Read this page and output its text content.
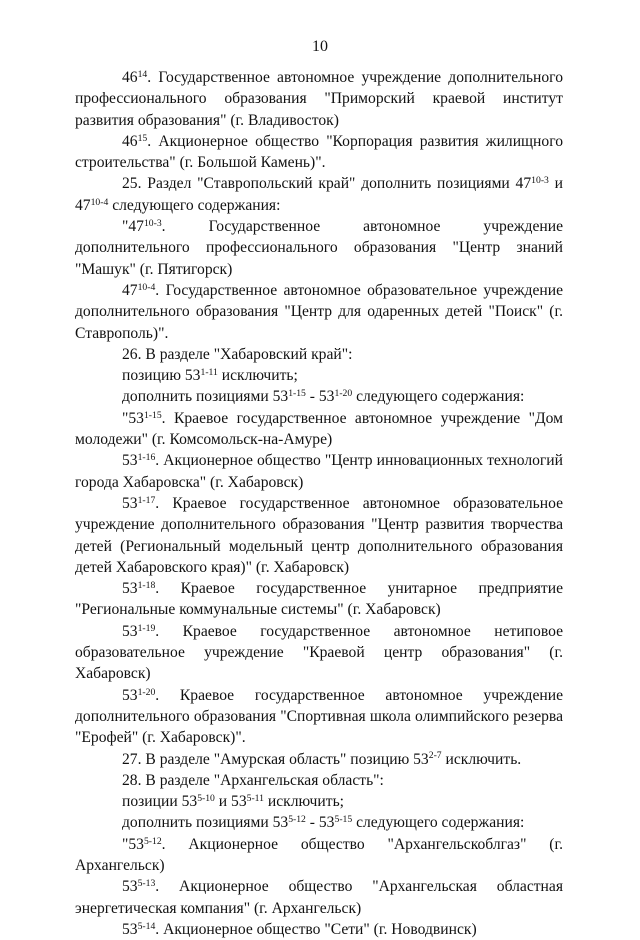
10

$46^{14}$. Государственное автономное учреждение дополнительного профессионального образования "Приморский краевой институт развития образования" (г. Владивосток)

$46^{15}$. Акционерное общество "Корпорация развития жилищного строительства" (г. Большой Камень)".

25. Раздел "Ставропольский край" дополнить позициями 47$^{10-3}$ и 47$^{10-4}$ следующего содержания:

"47$^{10-3}$. Государственное автономное учреждение дополнительного профессионального образования "Центр знаний "Машук" (г. Пятигорск)

47$^{10-4}$. Государственное автономное образовательное учреждение дополнительного образования "Центр для одаренных детей "Поиск" (г. Ставрополь)".

26. В разделе "Хабаровский край":

позицию 53$^{1-11}$ исключить;

дополнить позициями 53$^{1-15}$ - 53$^{1-20}$ следующего содержания:

"53$^{1-15}$. Краевое государственное автономное учреждение "Дом молодежи" (г. Комсомольск-на-Амуре)

53$^{1-16}$. Акционерное общество "Центр инновационных технологий города Хабаровска" (г. Хабаровск)

53$^{1-17}$. Краевое государственное автономное образовательное учреждение дополнительного образования "Центр развития творчества детей (Региональный модельный центр дополнительного образования детей Хабаровского края)" (г. Хабаровск)

53$^{1-18}$. Краевое государственное унитарное предприятие "Региональные коммунальные системы" (г. Хабаровск)

53$^{1-19}$. Краевое государственное автономное нетиповое образовательное учреждение "Краевой центр образования" (г. Хабаровск)

53$^{1-20}$. Краевое государственное автономное учреждение дополнительного образования "Спортивная школа олимпийского резерва "Ерофей" (г. Хабаровск)".

27. В разделе "Амурская область" позицию 53$^{2-7}$ исключить.

28. В разделе "Архангельская область":

позиции 53$^{5-10}$ и 53$^{5-11}$ исключить;

дополнить позициями 53$^{5-12}$ - 53$^{5-15}$ следующего содержания:

"53$^{5-12}$. Акционерное общество "Архангельскоблгаз" (г. Архангельск)

53$^{5-13}$. Акционерное общество "Архангельская областная энергетическая компания" (г. Архангельск)

53$^{5-14}$. Акционерное общество "Сети" (г. Новодвинск)
